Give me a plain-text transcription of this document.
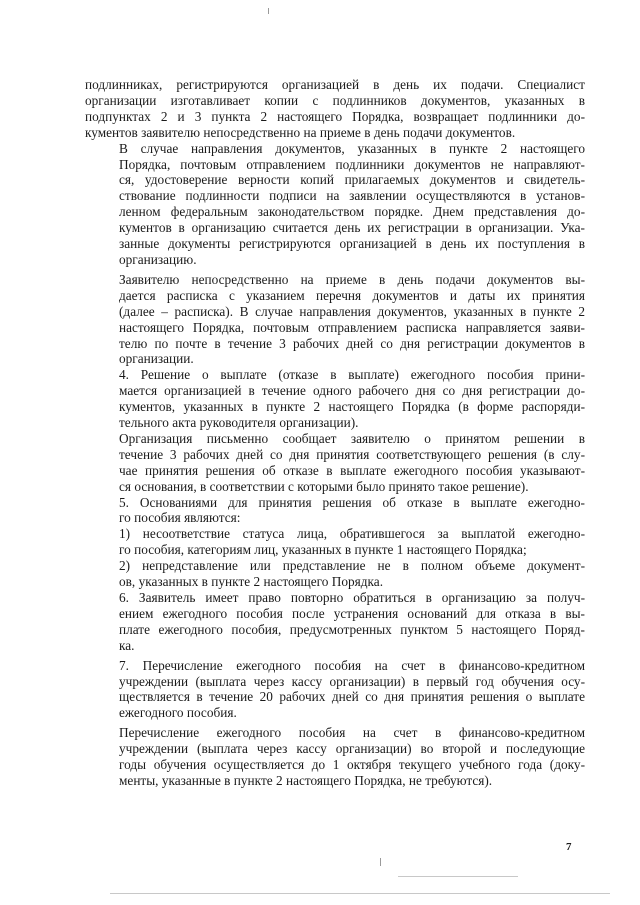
подлинниках, регистрируются организацией в день их подачи. Специалист
организации изготавливает копии с подлинников документов, указанных в
подпунктах 2 и 3 пункта 2 настоящего Порядка, возвращает подлинники до-
кументов заявителю непосредственно на приеме в день подачи документов.

В случае направления документов, указанных в пункте 2 настоящего
Порядка, почтовым отправлением подлинники документов не направляют-
ся, удостоверение верности копий прилагаемых документов и свидетель-
ствование подлинности подписи на заявлении осуществляются в установ-
ленном федеральным законодательством порядке. Днем представления до-
кументов в организацию считается день их регистрации в организации. Ука-
занные документы регистрируются организацией в день их поступления в
организацию.

Заявителю непосредственно на приеме в день подачи документов вы-
дается расписка с указанием перечня документов и даты их принятия
(далее – расписка). В случае направления документов, указанных в пункте 2
настоящего Порядка, почтовым отправлением расписка направляется заяви-
телю по почте в течение 3 рабочих дней со дня регистрации документов в
организации.

4. Решение о выплате (отказе в выплате) ежегодного пособия прини-
мается организацией в течение одного рабочего дня со дня регистрации до-
кументов, указанных в пункте 2 настоящего Порядка (в форме распоряди-
тельного акта руководителя организации).

Организация письменно сообщает заявителю о принятом решении в
течение 3 рабочих дней со дня принятия соответствующего решения (в слу-
чае принятия решения об отказе в выплате ежегодного пособия указывают-
ся основания, в соответствии с которыми было принято такое решение).

5. Основаниями для принятия решения об отказе в выплате ежегодно-
го пособия являются:

1) несоответствие статуса лица, обратившегося за выплатой ежегодно-
го пособия, категориям лиц, указанных в пункте 1 настоящего Порядка;

2) непредставление или представление не в полном объеме документ-
ов, указанных в пункте 2 настоящего Порядка.

6. Заявитель имеет право повторно обратиться в организацию за получ-
ением ежегодного пособия после устранения оснований для отказа в вы-
плате ежегодного пособия, предусмотренных пунктом 5 настоящего Поряд-
ка.

7. Перечисление ежегодного пособия на счет в финансово-кредитном
учреждении (выплата через кассу организации) в первый год обучения осу-
ществляется в течение 20 рабочих дней со дня принятия решения о выплате
ежегодного пособия.

Перечисление ежегодного пособия на счет в финансово-кредитном
учреждении (выплата через кассу организации) во второй и последующие
годы обучения осуществляется до 1 октября текущего учебного года (доку-
менты, указанные в пункте 2 настоящего Порядка, не требуются).

7
